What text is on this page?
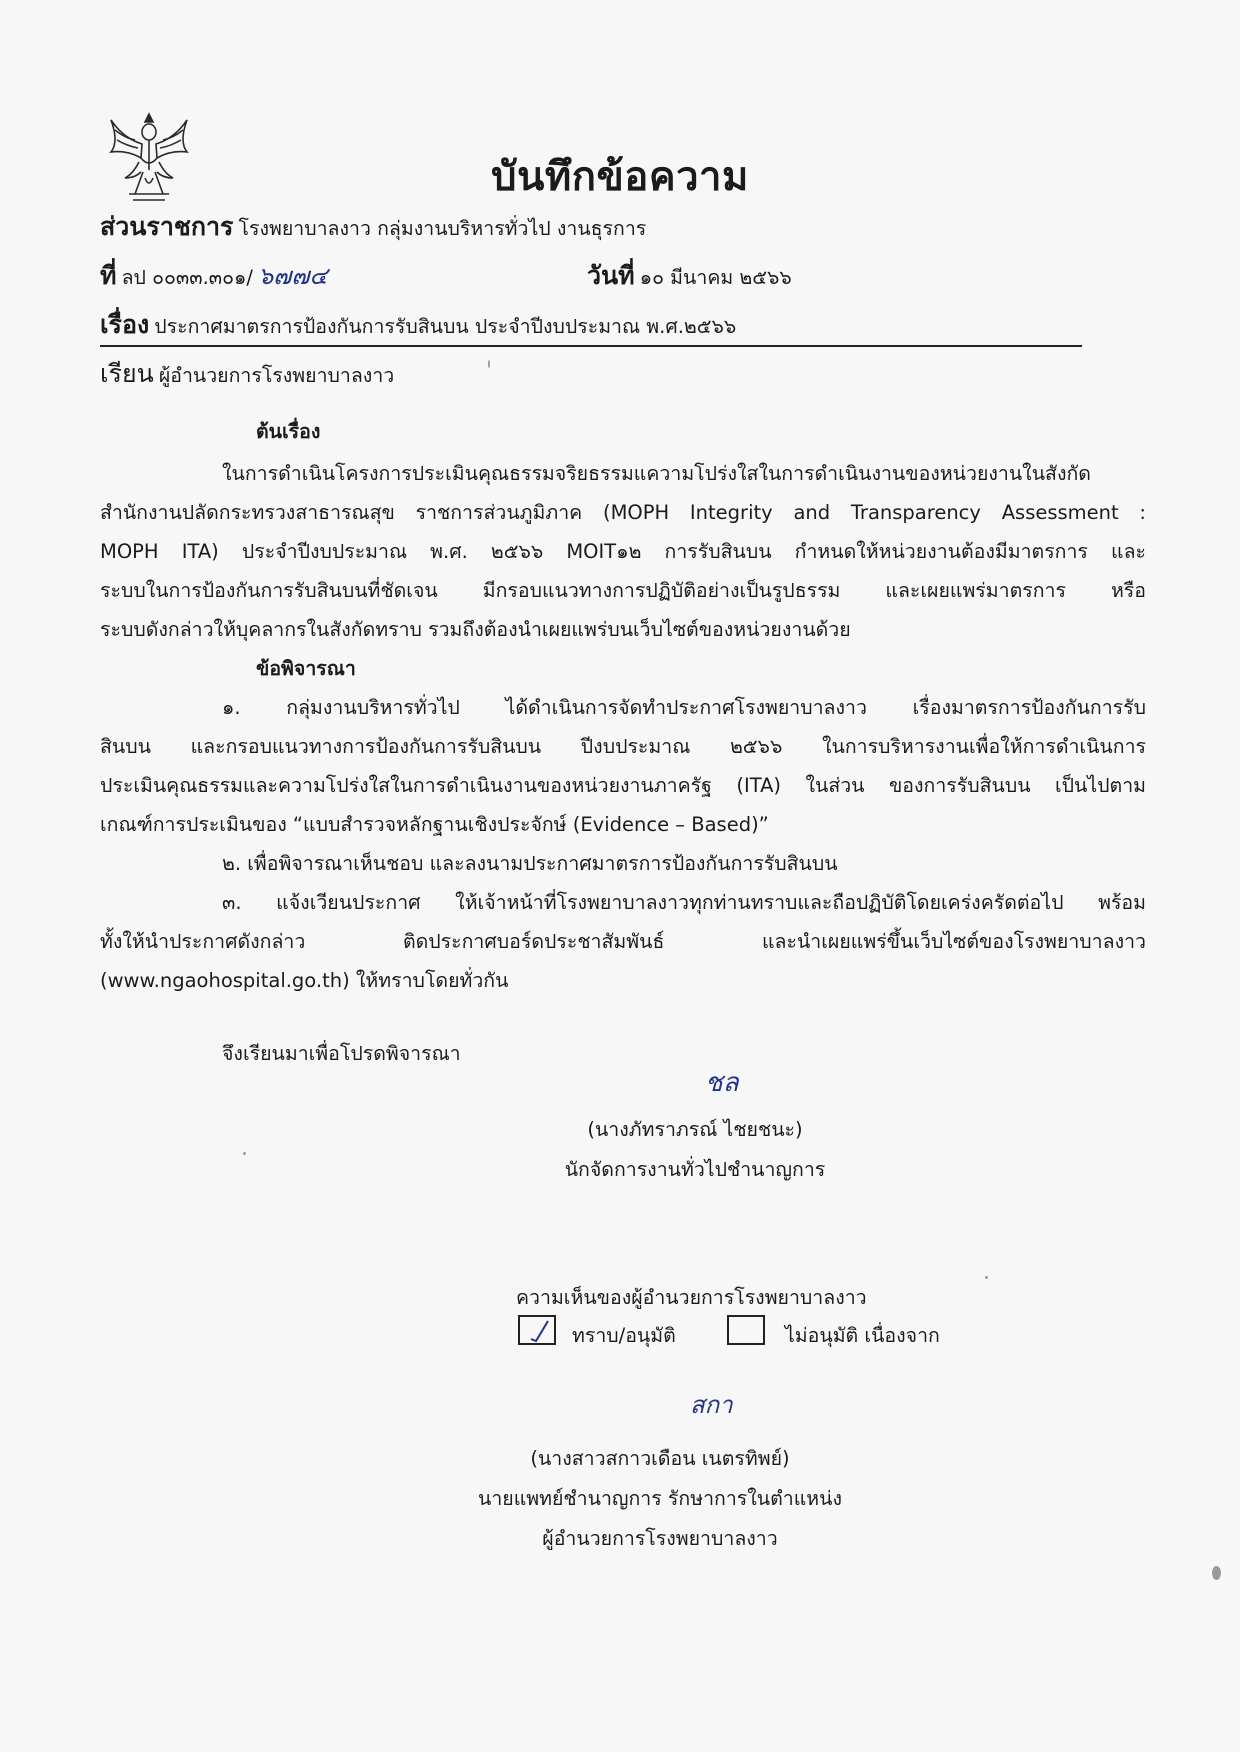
บันทึกข้อความ
ส่วนราชการ โรงพยาบาลงาว กลุ่มงานบริหารทั่วไป งานธุรการ
ที่ ลป ๐๐๓๓.๓๐๑/ ๖๗๗๔	วันที่ ๑๐ มีนาคม ๒๕๖๖
เรื่อง ประกาศมาตรการป้องกันการรับสินบน ประจำปีงบประมาณ พ.ศ.๒๕๖๖
เรียน ผู้อำนวยการโรงพยาบาลงาว
ต้นเรื่อง
ในการดำเนินโครงการประเมินคุณธรรมจริยธรรมแความโปร่งใสในการดำเนินงานของหน่วยงานในสังกัด
สำนักงานปลัดกระทรวงสาธารณสุข ราชการส่วนภูมิภาค (MOPH Integrity and Transparency Assessment :
MOPH ITA) ประจำปีงบประมาณ พ.ศ. ๒๕๖๖ MOIT๑๒ การรับสินบน กำหนดให้หน่วยงานต้องมีมาตรการ และ
ระบบในการป้องกันการรับสินบนที่ชัดเจน มีกรอบแนวทางการปฏิบัติอย่างเป็นรูปธรรม และเผยแพร่มาตรการ หรือ
ระบบดังกล่าวให้บุคลากรในสังกัดทราบ รวมถึงต้องนำเผยแพร่บนเว็บไซต์ของหน่วยงานด้วย
ข้อพิจารณา
๑. กลุ่มงานบริหารทั่วไป ได้ดำเนินการจัดทำประกาศโรงพยาบาลงาว เรื่องมาตรการป้องกันการรับ
สินบน และกรอบแนวทางการป้องกันการรับสินบน ปีงบประมาณ ๒๕๖๖ ในการบริหารงานเพื่อให้การดำเนินการ
ประเมินคุณธรรมและความโปร่งใสในการดำเนินงานของหน่วยงานภาครัฐ (ITA) ในส่วน ของการรับสินบน เป็นไปตาม
เกณฑ์การประเมินของ “แบบสำรวจหลักฐานเชิงประจักษ์ (Evidence – Based)”
๒. เพื่อพิจารณาเห็นชอบ และลงนามประกาศมาตรการป้องกันการรับสินบน
๓. แจ้งเวียนประกาศ ให้เจ้าหน้าที่โรงพยาบาลงาวทุกท่านทราบและถือปฏิบัติโดยเคร่งครัดต่อไป พร้อม
ทั้งให้นำประกาศดังกล่าว ติดประกาศบอร์ดประชาสัมพันธ์ และนำเผยแพร่ขึ้นเว็บไซต์ของโรงพยาบาลงาว
(www.ngaohospital.go.th) ให้ทราบโดยทั่วกัน
จึงเรียนมาเพื่อโปรดพิจารณา
ชล
(นางภัทราภรณ์ ไชยชนะ)
นักจัดการงานทั่วไปชำนาญการ
ความเห็นของผู้อำนวยการโรงพยาบาลงาว
ทราบ/อนุมัติ	ไม่อนุมัติ เนื่องจาก
สกา
(นางสาวสกาวเดือน เนตรทิพย์)
นายแพทย์ชำนาญการ รักษาการในตำแหน่ง
ผู้อำนวยการโรงพยาบาลงาว
